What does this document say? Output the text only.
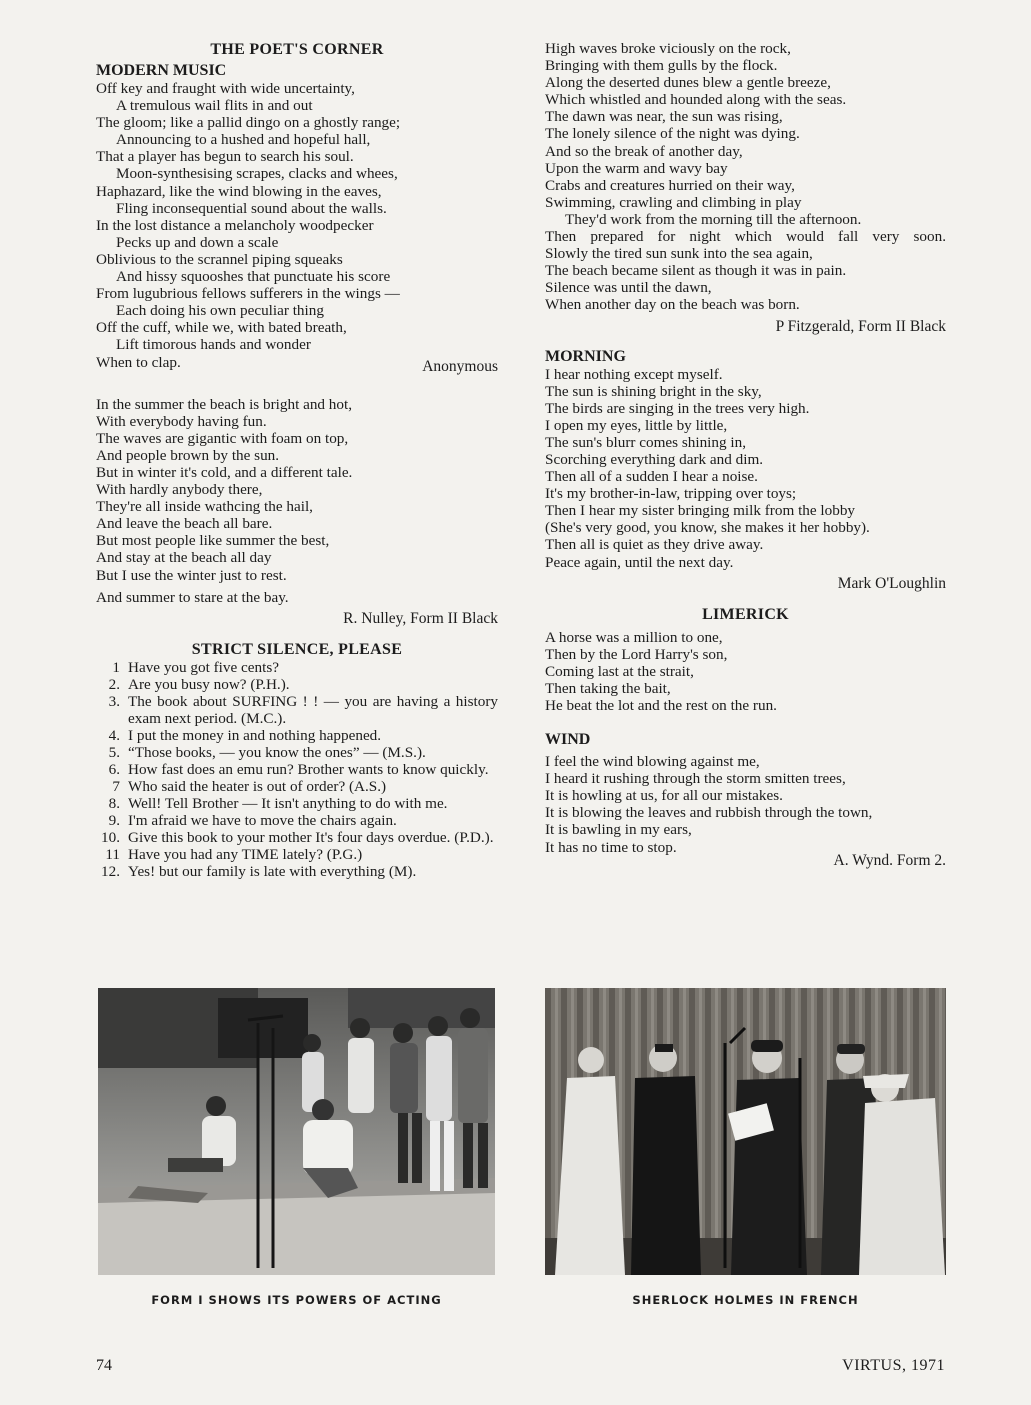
THE POET'S CORNER
MODERN MUSIC
Off key and fraught with wide uncertainty,
A tremulous wail flits in and out
The gloom; like a pallid dingo on a ghostly range;
Announcing to a hushed and hopeful hall,
That a player has begun to search his soul.
Moon-synthesising scrapes, clacks and whees,
Haphazard, like the wind blowing in the eaves,
Fling inconsequential sound about the walls.
In the lost distance a melancholy woodpecker
Pecks up and down a scale
Oblivious to the scrannel piping squeaks
And hissy squooshes that punctuate his score
From lugubrious fellows sufferers in the wings —
Each doing his own peculiar thing
Off the cuff, while we, with bated breath,
Lift timorous hands and wonder
When to clap.	Anonymous
In the summer the beach is bright and hot,
With everybody having fun.
The waves are gigantic with foam on top,
And people brown by the sun.
But in winter it's cold, and a different tale.
With hardly anybody there,
They're all inside wathcing the hail,
And leave the beach all bare.
But most people like summer the best,
And stay at the beach all day
But I use the winter just to rest.
And summer to stare at the bay.
R. Nulley, Form II Black
STRICT SILENCE, PLEASE
1 Have you got five cents?
2. Are you busy now? (P.H.).
3. The book about SURFING ! ! — you are having a history exam next period. (M.C.).
4. I put the money in and nothing happened.
5. “Those books, — you know the ones” — (M.S.).
6. How fast does an emu run? Brother wants to know quickly.
7 Who said the heater is out of order? (A.S.)
8. Well! Tell Brother — It isn't anything to do with me.
9. I'm afraid we have to move the chairs again.
10. Give this book to your mother It's four days overdue. (P.D.).
11 Have you had any TIME lately? (P.G.)
12. Yes! but our family is late with everything (M).
High waves broke viciously on the rock,
Bringing with them gulls by the flock.
Along the deserted dunes blew a gentle breeze,
Which whistled and hounded along with the seas.
The dawn was near, the sun was rising,
The lonely silence of the night was dying.
And so the break of another day,
Upon the warm and wavy bay
Crabs and creatures hurried on their way,
Swimming, crawling and climbing in play
They'd work from the morning till the afternoon.
Then prepared for night which would fall very soon.
Slowly the tired sun sunk into the sea again,
The beach became silent as though it was in pain.
Silence was until the dawn,
When another day on the beach was born.
P Fitzgerald, Form II Black
MORNING
I hear nothing except myself.
The sun is shining bright in the sky,
The birds are singing in the trees very high.
I open my eyes, little by little,
The sun's blurr comes shining in,
Scorching everything dark and dim.
Then all of a sudden I hear a noise.
It's my brother-in-law, tripping over toys;
Then I hear my sister bringing milk from the lobby
(She's very good, you know, she makes it her hobby).
Then all is quiet as they drive away.
Peace again, until the next day.
Mark O'Loughlin
LIMERICK
A horse was a million to one,
Then by the Lord Harry's son,
Coming last at the strait,
Then taking the bait,
He beat the lot and the rest on the run.
WIND
I feel the wind blowing against me,
I heard it rushing through the storm smitten trees,
It is howling at us, for all our mistakes.
It is blowing the leaves and rubbish through the town,
It is bawling in my ears,
It has no time to stop.
A. Wynd. Form 2.
FORM I SHOWS ITS POWERS OF ACTING	SHERLOCK HOLMES IN FRENCH
74	VIRTUS, 1971
